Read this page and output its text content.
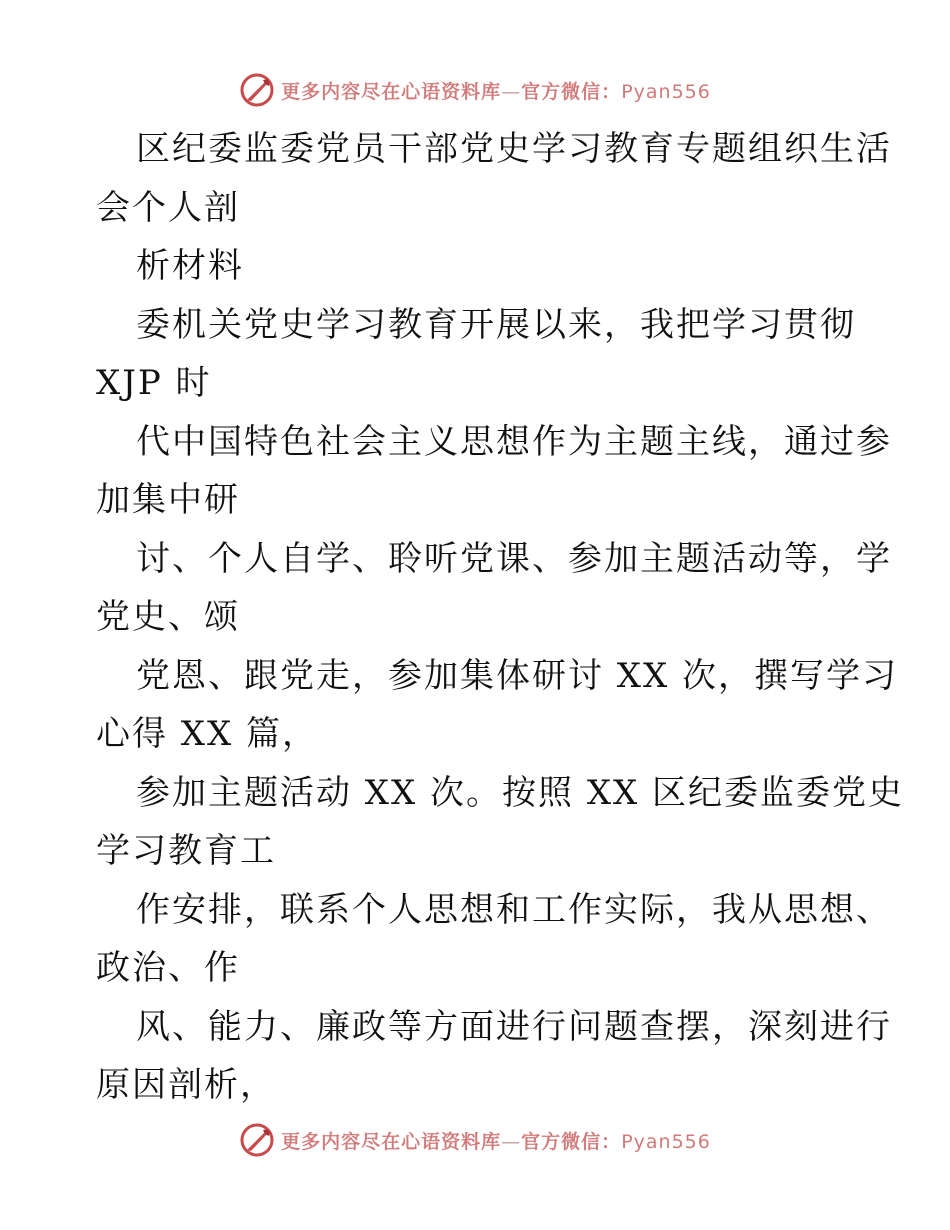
更多内容尽在心语资料库—官方微信：Pyan556
区纪委监委党员干部党史学习教育专题组织生活
会个人剖
析材料
委机关党史学习教育开展以来，我把学习贯彻
XJP 时
代中国特色社会主义思想作为主题主线，通过参
加集中研
讨、个人自学、聆听党课、参加主题活动等，学
党史、颂
党恩、跟党走，参加集体研讨 XX 次，撰写学习
心得 XX 篇，
参加主题活动 XX 次。按照 XX 区纪委监委党史
学习教育工
作安排，联系个人思想和工作实际，我从思想、
政治、作
风、能力、廉政等方面进行问题查摆，深刻进行
原因剖析，
更多内容尽在心语资料库—官方微信：Pyan556
